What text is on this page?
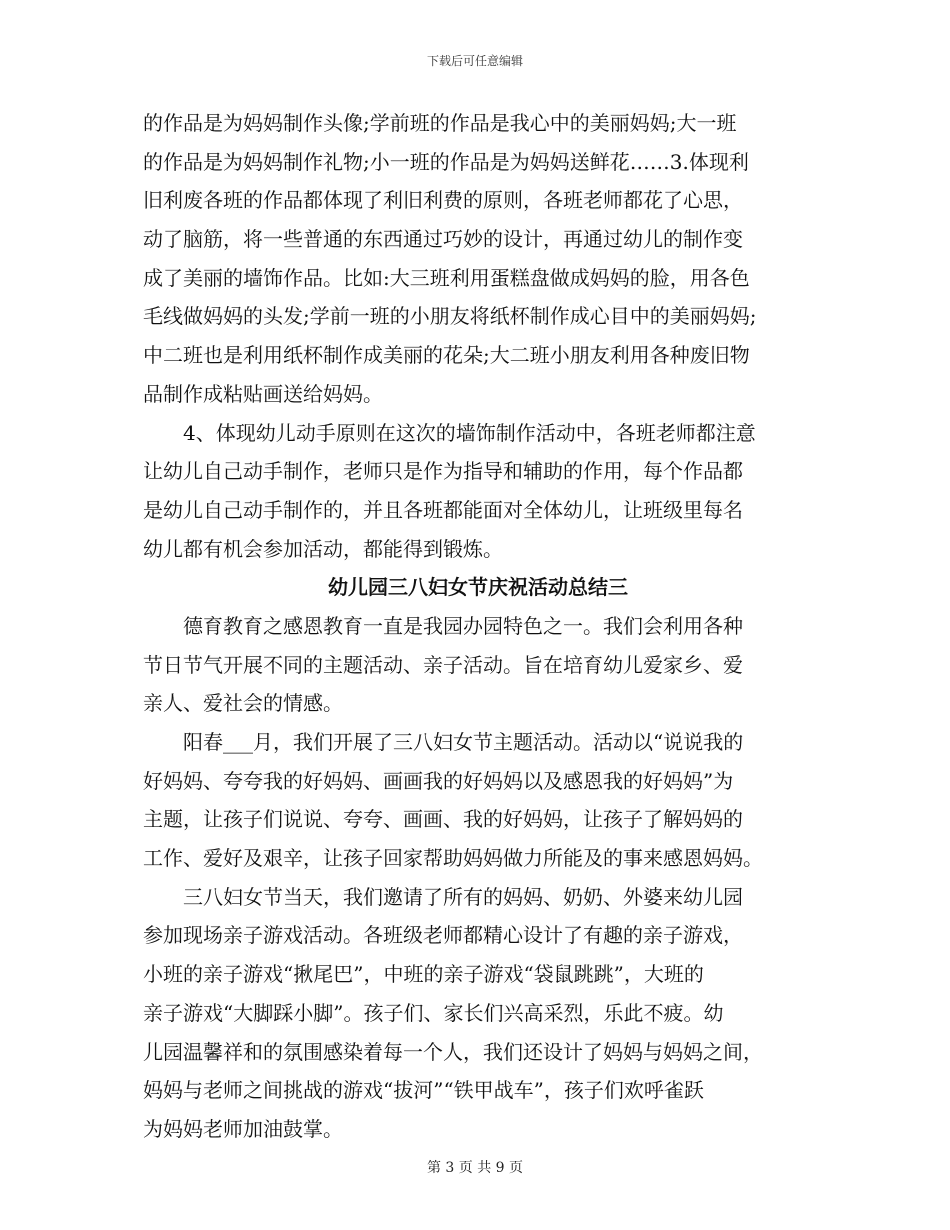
下载后可任意编辑
的作品是为妈妈制作头像;学前班的作品是我心中的美丽妈妈;大一班
的作品是为妈妈制作礼物;小一班的作品是为妈妈送鲜花……3.体现利
旧利废各班的作品都体现了利旧利费的原则，各班老师都花了心思，
动了脑筋，将一些普通的东西通过巧妙的设计，再通过幼儿的制作变
成了美丽的墙饰作品。比如:大三班利用蛋糕盘做成妈妈的脸，用各色
毛线做妈妈的头发;学前一班的小朋友将纸杯制作成心目中的美丽妈妈;
中二班也是利用纸杯制作成美丽的花朵;大二班小朋友利用各种废旧物
品制作成粘贴画送给妈妈。
4、体现幼儿动手原则在这次的墙饰制作活动中，各班老师都注意
让幼儿自己动手制作，老师只是作为指导和辅助的作用，每个作品都
是幼儿自己动手制作的，并且各班都能面对全体幼儿，让班级里每名
幼儿都有机会参加活动，都能得到锻炼。
幼儿园三八妇女节庆祝活动总结三
德育教育之感恩教育一直是我园办园特色之一。我们会利用各种
节日节气开展不同的主题活动、亲子活动。旨在培育幼儿爱家乡、爱
亲人、爱社会的情感。
阳春___月，我们开展了三八妇女节主题活动。活动以“说说我的
好妈妈、夸夸我的好妈妈、画画我的好妈妈以及感恩我的好妈妈”为
主题，让孩子们说说、夸夸、画画、我的好妈妈，让孩子了解妈妈的
工作、爱好及艰辛，让孩子回家帮助妈妈做力所能及的事来感恩妈妈。
三八妇女节当天，我们邀请了所有的妈妈、奶奶、外婆来幼儿园
参加现场亲子游戏活动。各班级老师都精心设计了有趣的亲子游戏，
小班的亲子游戏“揪尾巴”，中班的亲子游戏“袋鼠跳跳”，大班的
亲子游戏“大脚踩小脚”。孩子们、家长们兴高采烈，乐此不疲。幼
儿园温馨祥和的氛围感染着每一个人，我们还设计了妈妈与妈妈之间，
妈妈与老师之间挑战的游戏“拔河”“铁甲战车”，孩子们欢呼雀跃
为妈妈老师加油鼓掌。
第 3 页 共 9 页
